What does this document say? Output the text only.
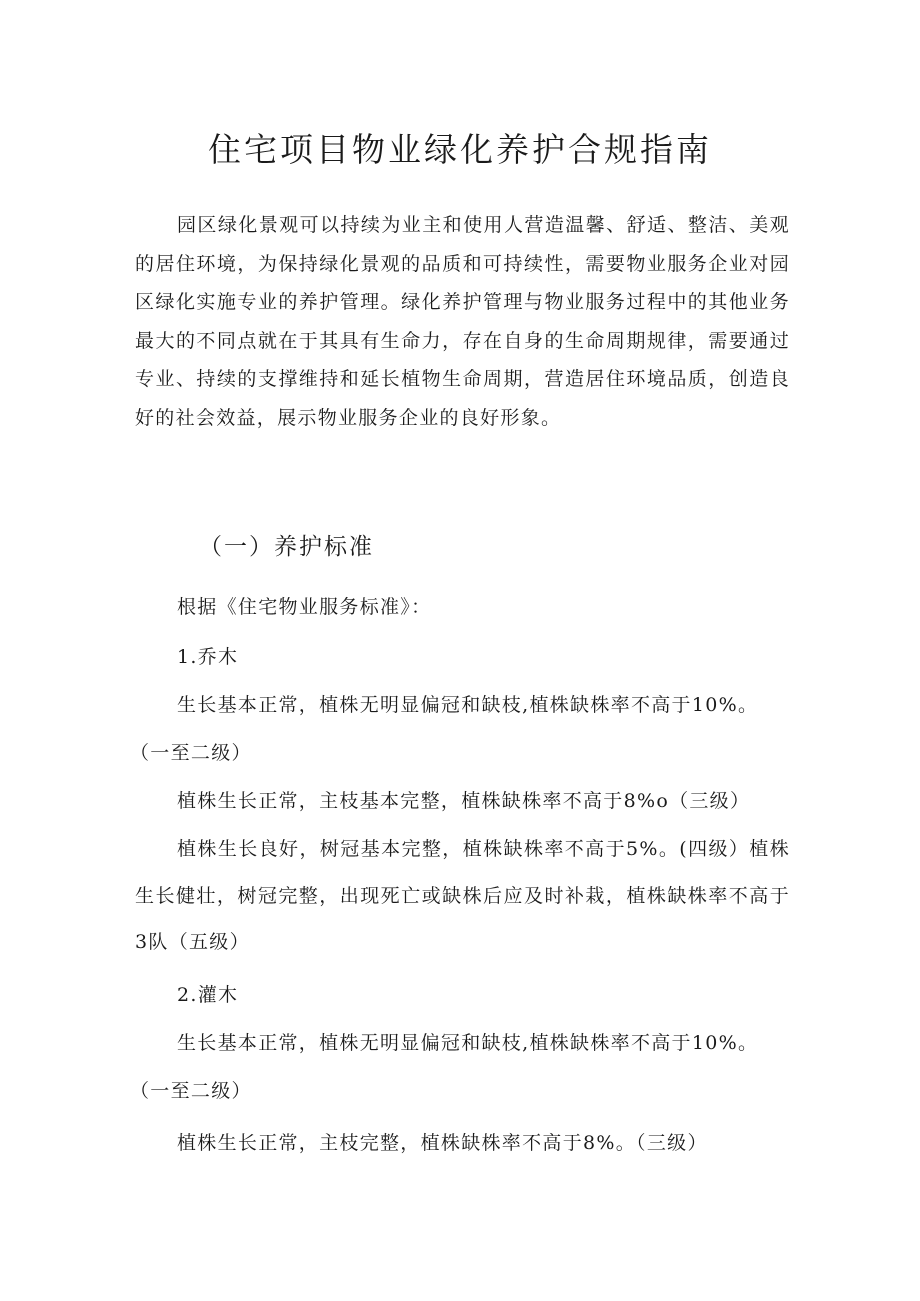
住宅项目物业绿化养护合规指南

园区绿化景观可以持续为业主和使用人营造温馨、舒适、整洁、美观的居住环境，为保持绿化景观的品质和可持续性，需要物业服务企业对园区绿化实施专业的养护管理。绿化养护管理与物业服务过程中的其他业务最大的不同点就在于其具有生命力，存在自身的生命周期规律，需要通过专业、持续的支撑维持和延长植物生命周期，营造居住环境品质，创造良好的社会效益，展示物业服务企业的良好形象。

（一）养护标准

根据《住宅物业服务标准》：

1.乔木

生长基本正常，植株无明显偏冠和缺枝,植株缺株率不高于10%。

（一至二级）

植株生长正常，主枝基本完整，植株缺株率不高于8%o（三级）

植株生长良好，树冠基本完整，植株缺株率不高于5%。(四级）植株生长健壮，树冠完整，出现死亡或缺株后应及时补栽，植株缺株率不高于3队（五级）

2.灌木

生长基本正常，植株无明显偏冠和缺枝,植株缺株率不高于10%。

（一至二级）

植株生长正常，主枝完整，植株缺株率不高于8%。（三级）
